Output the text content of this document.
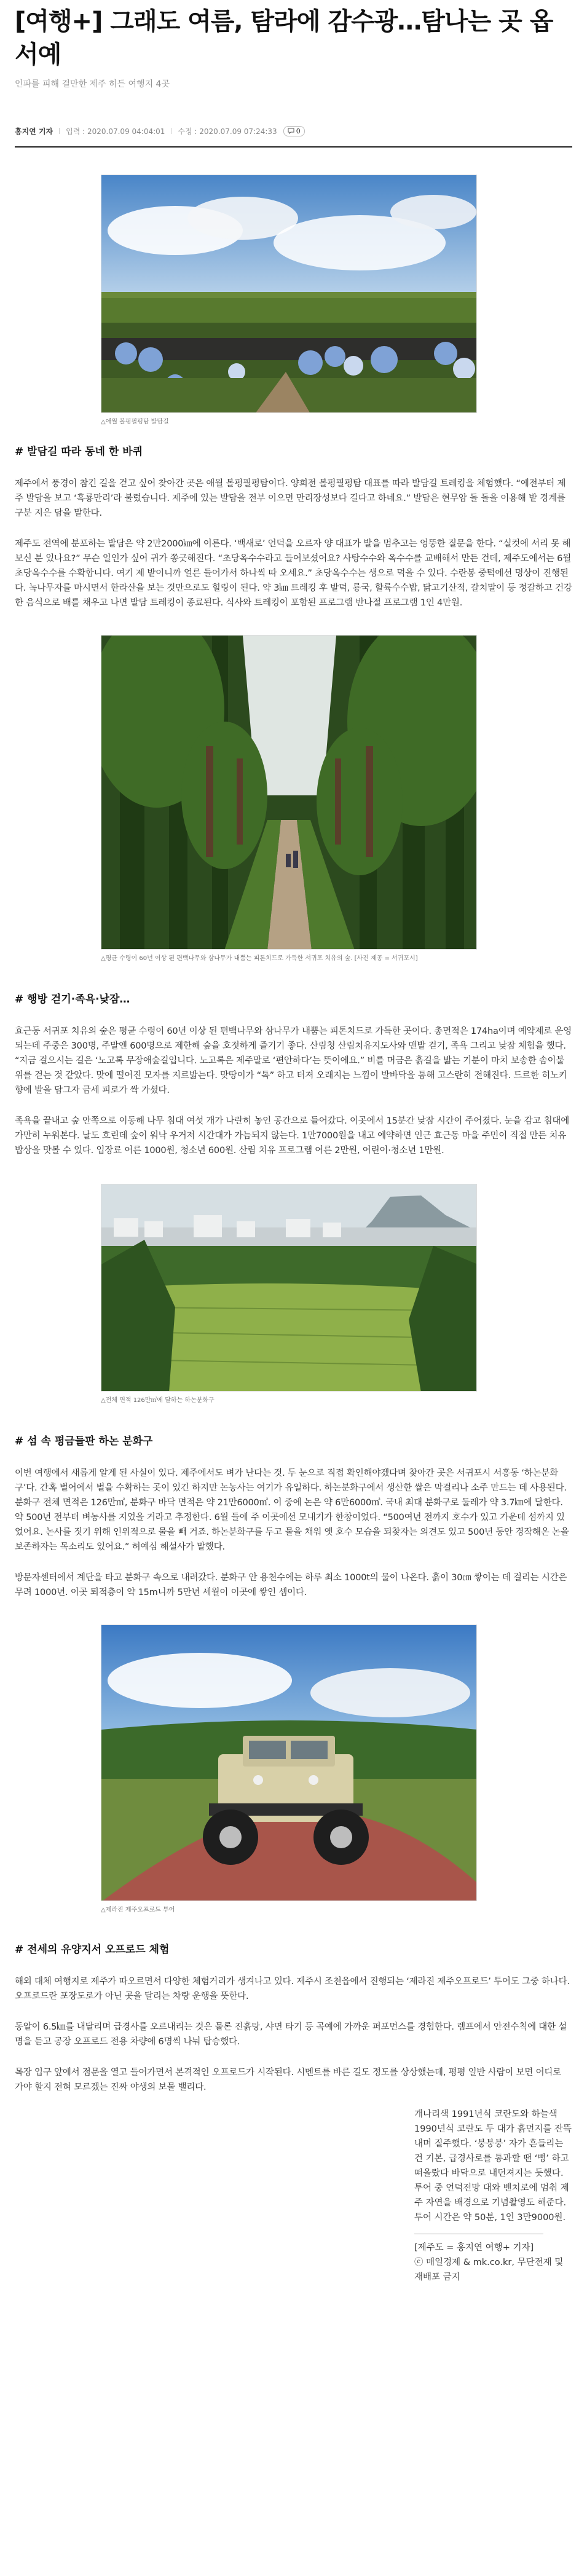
[여행+] 그래도 여름, 탐라에 감수광…탐나는 곳 옵서예
인파를 피해 걸만한 제주 히든 여행지 4곳
홍지연 기자 입력 : 2020.07.09 04:04:01 수정 : 2020.07.09 07:24:33	0
△애월 볼펑필펑탐 발담길
# 발담길 따라 동네 한 바퀴

제주에서 풍경이 참긴 길을 걷고 싶어 찾아간 곳은 애월 볼펑필펑탐이다. 양희전 볼펑필펑탐 대표를 따라 발담길 트레킹을 체험했다. “예전부터 제주 발담을 보고 ‘흑룡만리’라 불렀습니다. 제주에 있는 발담을 전부 이으면 만리장성보다 길다고 하네요.” 발담은 현무암 돌 돌을 이용해 밭 경계를 구분 지은 담을 말한다.

제주도 전역에 분포하는 발담은 약 2만2000㎞에 이른다. ‘백새로’ 언덕을 오르자 양 대표가 발을 멈추고는 엉뚱한 질문을 한다. “실컷에 서리 못 해보신 분 있나요?” 무슨 일인가 싶어 귀가 쫑긋해진다. “초당옥수수라고 들어보셨어요? 사탕수수와 옥수수를 교배해서 만든 건데, 제주도에서는 6월 초당옥수수를 수확합니다. 여기 제 밭이니까 얼른 들어가서 하나씩 따 오세요.” 초당옥수수는 생으로 먹을 수 있다. 수란봉 중턱에선 명상이 진행된다. 녹나무자를 마시면서 한라산을 보는 것만으로도 힐링이 된다. 약 3㎞ 트레킹 후 밭덕, 룡국, 할륙수수밥, 닭고기산적, 갈치말이 등 정갈하고 건강한 음식으로 배를 채우고 나면 발담 트레킹이 종료된다. 식사와 트레킹이 포함된 프로그램 반나절 프로그램 1인 4만원.

△평균 수령이 60년 이상 된 편백나무와 삼나무가 내뿜는 피톤치드로 가득한 서귀포 치유의 숲. [사진 제공 = 서귀포시]
# 행방 걷기·족욕·낮잠…

효근동 서귀포 치유의 숲은 평균 수령이 60년 이상 된 편백나무와 삼나무가 내뿜는 피톤치드로 가득한 곳이다. 총면적은 174ha이며 예약제로 운영되는데 주중은 300명, 주말엔 600명으로 제한해 숲을 호젓하게 즐기기 좋다. 산림청 산림치유지도사와 맨발 걷기, 족욕 그리고 낮잠 체험을 했다. “지금 걸으시는 길은 ‘노고록 무장애숲길입니다. 노고록은 제주말로 ‘편안하다’는 뜻이에요.” 비를 머금은 흙길을 밟는 기분이 마치 보송한 솜이불 위를 걷는 것 같았다. 맞에 떨어진 모자를 지르밟는다. 맞땅이가 “톡” 하고 터져 오래지는 느낌이 발바닥을 통해 고스란히 전해진다. 드르한 히노키향에 발을 담그자 금세 피로가 싹 가셨다.

족욕을 끝내고 숲 안쪽으로 이동해 나무 침대 여섯 개가 나란히 놓인 공간으로 들어갔다. 이곳에서 15분간 낮잠 시간이 주어졌다. 눈을 감고 침대에 가만히 누워본다. 날도 흐린데 숲이 워낙 우거져 시간대가 가늠되지 않는다. 1만7000원을 내고 예약하면 인근 효근동 마을 주민이 직접 만든 치유 밥상을 맛볼 수 있다. 입장료 어른 1000원, 청소년 600원. 산림 치유 프로그램 어른 2만원, 어린이·청소년 1만원.

△전체 면적 126만㎡에 달하는 하논분화구
# 섬 속 평금들판 하논 분화구

이번 여행에서 새롭게 알게 된 사실이 있다. 제주에서도 벼가 난다는 것. 두 눈으로 직접 확인해야겠다며 찾아간 곳은 서귀포시 서홍동 ‘하논분화구’다. 간혹 벌어에서 벌을 수확하는 곳이 있긴 하지만 논농사는 여기가 유일하다. 하논분화구에서 생산한 쌀은 막걸리나 소주 만드는 데 사용된다. 분화구 전체 면적은 126만㎡, 분화구 바닥 면적은 약 21만6000㎡. 이 중에 논은 약 6만6000㎡. 국내 최대 분화구로 둘레가 약 3.7㎞에 달한다. 약 500년 전부터 벼농사를 지었을 거라고 추정한다. 6월 들에 주 이곳에선 모내기가 한창이었다. “500여년 전까지 호수가 있고 가운데 섬까지 있었어요. 논사를 짓기 위해 인위적으로 물을 빼 거죠. 하논분화구를 두고 물을 채워 옛 호수 모습을 되찾자는 의견도 있고 500년 동안 경작해온 논을 보존하자는 목소리도 있어요.” 허예심 해설사가 말했다.

방문자센터에서 계단을 타고 분화구 속으로 내려갔다. 분화구 안 용천수에는 하루 최소 1000t의 물이 나온다. 흙이 30㎝ 쌓이는 데 걸리는 시간은 무려 1000년. 이곳 퇴적층이 약 15m니까 5만년 세월이 이곳에 쌓인 셈이다.

△제라진 제주오프로드 투어
# 전세의 유양지서 오프로드 체험

해외 대체 여행지로 제주가 따오르면서 다양한 체험거리가 생겨나고 있다. 제주시 조천읍에서 진행되는 ‘제라진 제주오프로드’ 투어도 그중 하나다. 오프로드란 포장도로가 아닌 곳을 달리는 차량 운행을 뜻한다.

동알이 6.5㎞를 내달리며 급경사를 오르내리는 것은 물론 진흙탕, 샤면 타기 등 곡예에 가까운 퍼포먼스를 경험한다. 렘프에서 안전수칙에 대한 설명을 듣고 공장 오프로드 전용 차량에 6명씩 나눠 탑승했다.

목장 입구 앞에서 점문을 열고 들어가면서 본격적인 오프로드가 시작된다. 시멘트를 바른 길도 정도를 상상했는데, 평평 일반 사람이 보면 어디로 가야 할지 전혀 모르겠는 진짜 야생의 보물 밸리다.

개나리색 1991년식 코란도와 하늘색 1990년식 코란도 두 대가 흙먼지를 잔뜩 내며 질주했다. ‘붕붕붕’ 자가 흔들리는 건 기본, 급경사로를 통과할 땐 ‘뻥’ 하고 떠올랐다 바닥으로 내던져지는 듯했다. 투어 중 언덕전망 대와 벤치로에 멈춰 제주 자연을 배경으로 기념촬영도 해준다. 투어 시간은 약 50분, 1인 3만9000원.

[제주도 = 홍지연 여행+ 기자]
ⓒ 매일경제 & mk.co.kr, 무단전재 및 재배포 금지
